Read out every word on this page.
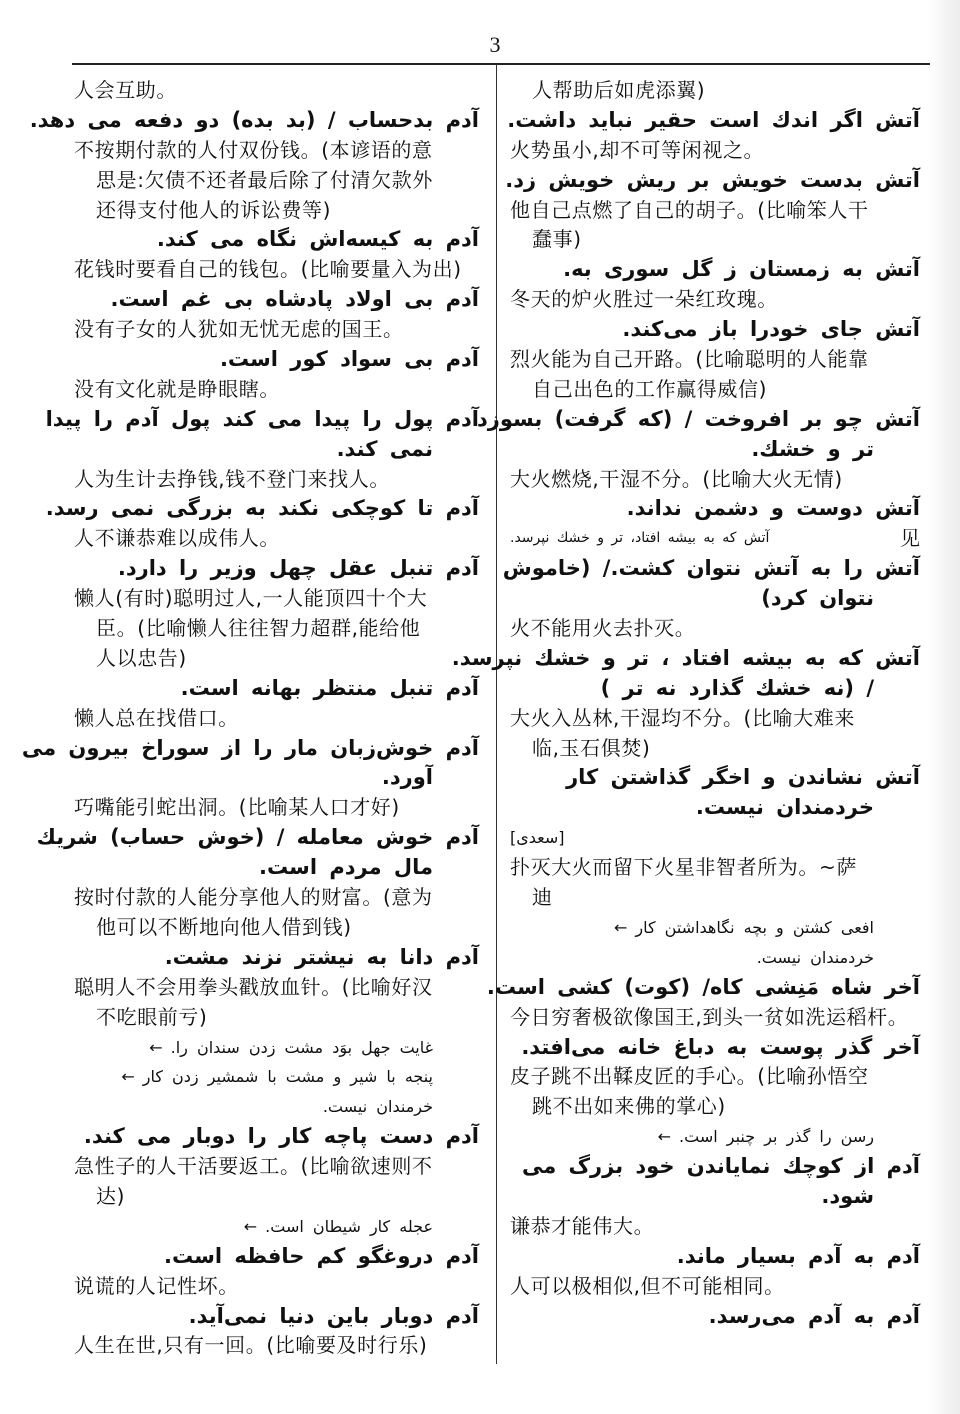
3
人会互助。
آدم بدحساب / (بد بده) دو دفعه می دهد.
不按期付款的人付双份钱。(本谚语的意
思是:欠债不还者最后除了付清欠款外
还得支付他人的诉讼费等)
آدم به کیسه‌اش نگاه می کند.
花钱时要看自己的钱包。(比喻要量入为出)
آدم بی اولاد پادشاه بی غم است.
没有子女的人犹如无忧无虑的国王。
آدم بی سواد کور است.
没有文化就是睁眼瞎。
آدم پول را پیدا می کند پول آدم را پیدا
نمی کند.
人为生计去挣钱,钱不登门来找人。
آدم تا کوچکی نکند به بزرگی نمی رسد.
人不谦恭难以成伟人。
آدم تنبل عقل چهل وزیر را دارد.
懒人(有时)聪明过人,一人能顶四十个大
臣。(比喻懒人往往智力超群,能给他
人以忠告)
آدم تنبل منتظر بهانه است.
懒人总在找借口。
آدم خوش‌زبان مار را از سوراخ بیرون می
آورد.
巧嘴能引蛇出洞。(比喻某人口才好)
آدم خوش معامله / (خوش حساب) شریك
مال مردم است.
按时付款的人能分享他人的财富。(意为
他可以不断地向他人借到钱)
آدم دانا به نیشتر نزند مشت.
聪明人不会用拳头戳放血针。(比喻好汉
不吃眼前亏)
← غایت جهل بوَد مشت زدن سندان را.
← پنجه با شیر و مشت با شمشیر زدن کار
خرمندان نیست.
آدم دست پاچه کار را دوبار می کند.
急性子的人干活要返工。(比喻欲速则不
达)
← عجله کار شیطان است.
آدم دروغگو کم حافظه است.
说谎的人记性坏。
آدم دوبار باین دنیا نمی‌آید.
人生在世,只有一回。(比喻要及时行乐)
人帮助后如虎添翼)
آتش اگر اندك است حقیر نباید داشت.
火势虽小,却不可等闲视之。
آتش بدست خویش بر ریش خویش زد.
他自己点燃了自己的胡子。(比喻笨人干
蠢事)
آتش به زمستان ز گل سوری به.
冬天的炉火胜过一朵红玫瑰。
آتش جای خودرا باز می‌کند.
烈火能为自己开路。(比喻聪明的人能靠
自己出色的工作赢得威信)
آتش چو بر افروخت / (که گرفت) بسوزد
تر و خشك.
大火燃烧,干湿不分。(比喻大火无情)
آتش دوست و دشمن نداند.
آتش که به بیشه افتاد، تر و خشك نپرسد.	见
آتش را به آتش نتوان کشت./ (خاموش
نتوان کرد)
火不能用火去扑灭。
آتش که به بیشه افتاد ، تر و خشك نپرسد.
/ (نه خشك گذارد نه تر )
大火入丛林,干湿均不分。(比喻大难来
临,玉石俱焚)
آتش نشاندن و اخگر گذاشتن کار
خردمندان نیست.
[سعدی]
扑灭大火而留下火星非智者所为。~萨
迪
← افعی کشتن و بچه نگاهداشتن کار
خردمندان نیست.
آخر شاه مَنِشی کاه/ (کوت) کشی است.
今日穷奢极欲像国王,到头一贫如洗运稻杆。
آخر گذر پوست به دباغ خانه می‌افتد.
皮子跳不出鞣皮匠的手心。(比喻孙悟空
跳不出如来佛的掌心)
← رسن را گذر بر چنبر است.
آدم از کوچك نمایاندن خود بزرگ می
شود.
谦恭才能伟大。
آدم به آدم بسیار ماند.
人可以极相似,但不可能相同。
آدم به آدم می‌رسد.
